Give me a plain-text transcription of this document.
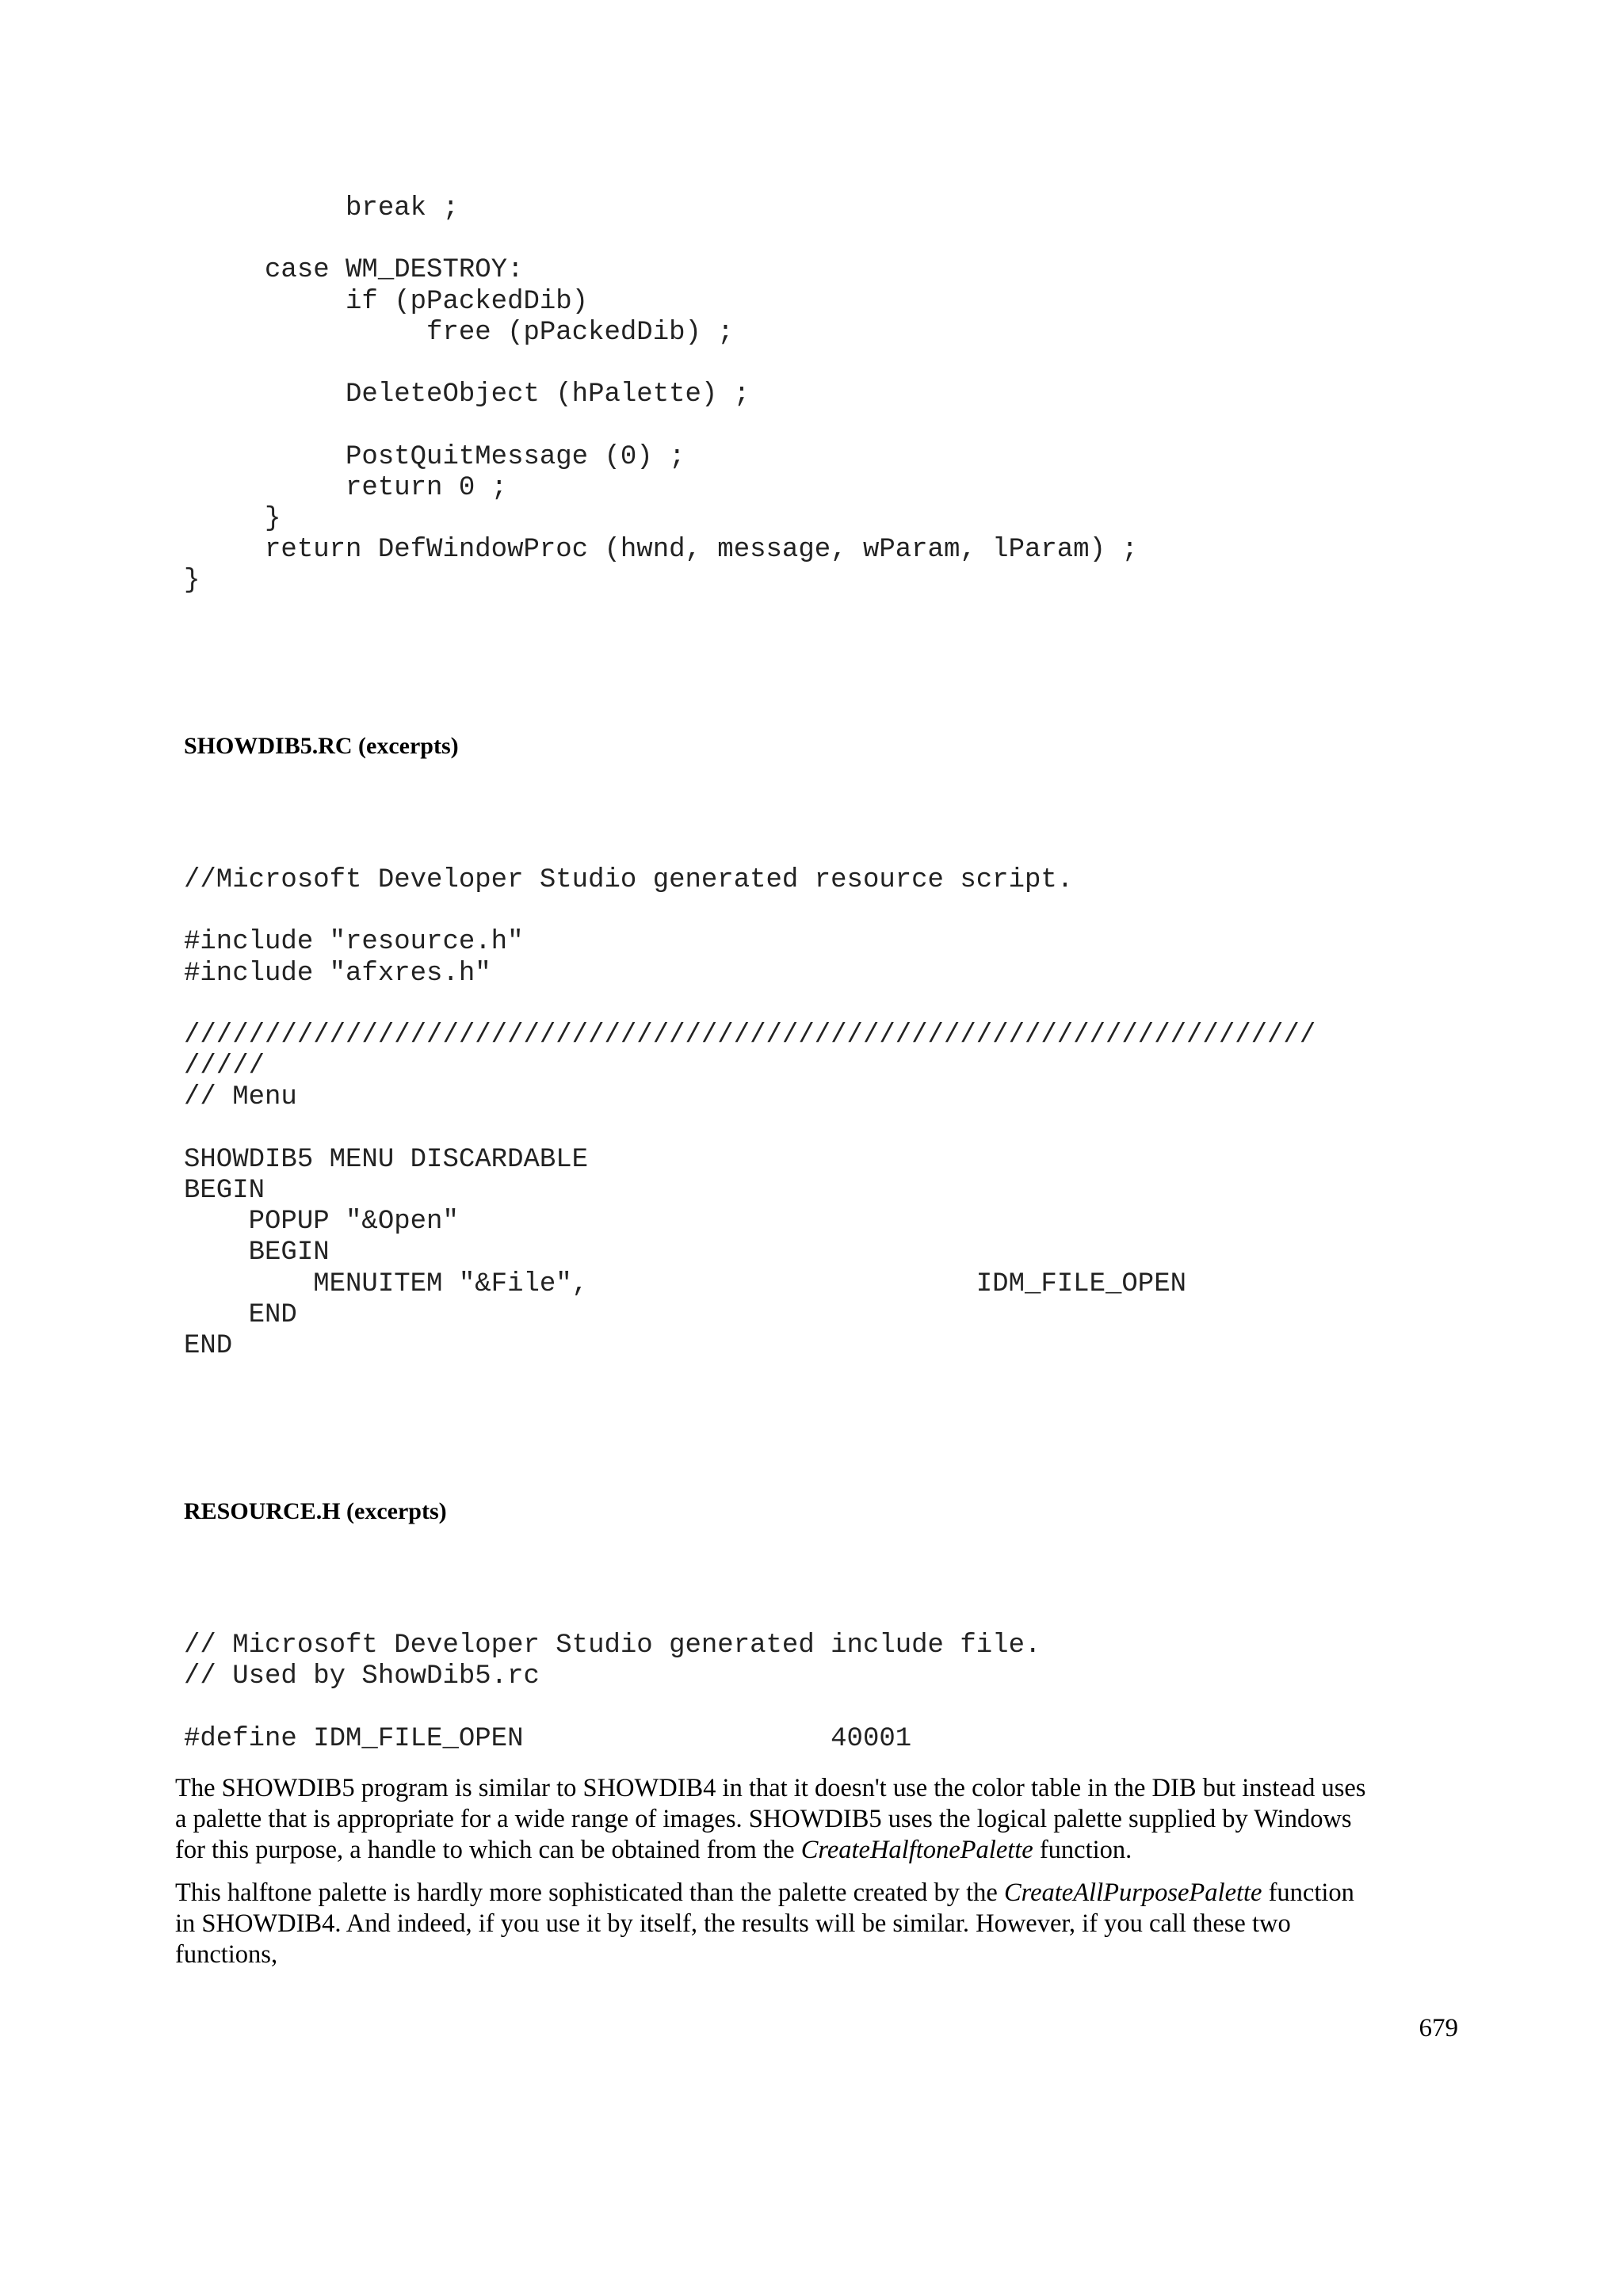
break ;

case WM_DESTROY:
if (pPackedDib)
free (pPackedDib) ;

DeleteObject (hPalette) ;

PostQuitMessage (0) ;
return 0 ;
}
return DefWindowProc (hwnd, message, wParam, lParam) ;
}
SHOWDIB5.RC (excerpts)
//Microsoft Developer Studio generated resource script.

#include "resource.h"
#include "afxres.h"

//////////////////////////////////////////////////////////////////////
/////
// Menu

SHOWDIB5 MENU DISCARDABLE
BEGIN
POPUP "&Open"
BEGIN
MENUITEM "&File",                        IDM_FILE_OPEN
END
END
RESOURCE.H (excerpts)
// Microsoft Developer Studio generated include file.
// Used by ShowDib5.rc

#define IDM_FILE_OPEN                   40001
The SHOWDIB5 program is similar to SHOWDIB4 in that it doesn't use the color table in the DIB but instead uses
a palette that is appropriate for a wide range of images. SHOWDIB5 uses the logical palette supplied by Windows
for this purpose, a handle to which can be obtained from the CreateHalftonePalette function.
This halftone palette is hardly more sophisticated than the palette created by the CreateAllPurposePalette function
in SHOWDIB4. And indeed, if you use it by itself, the results will be similar. However, if you call these two
functions,
679
